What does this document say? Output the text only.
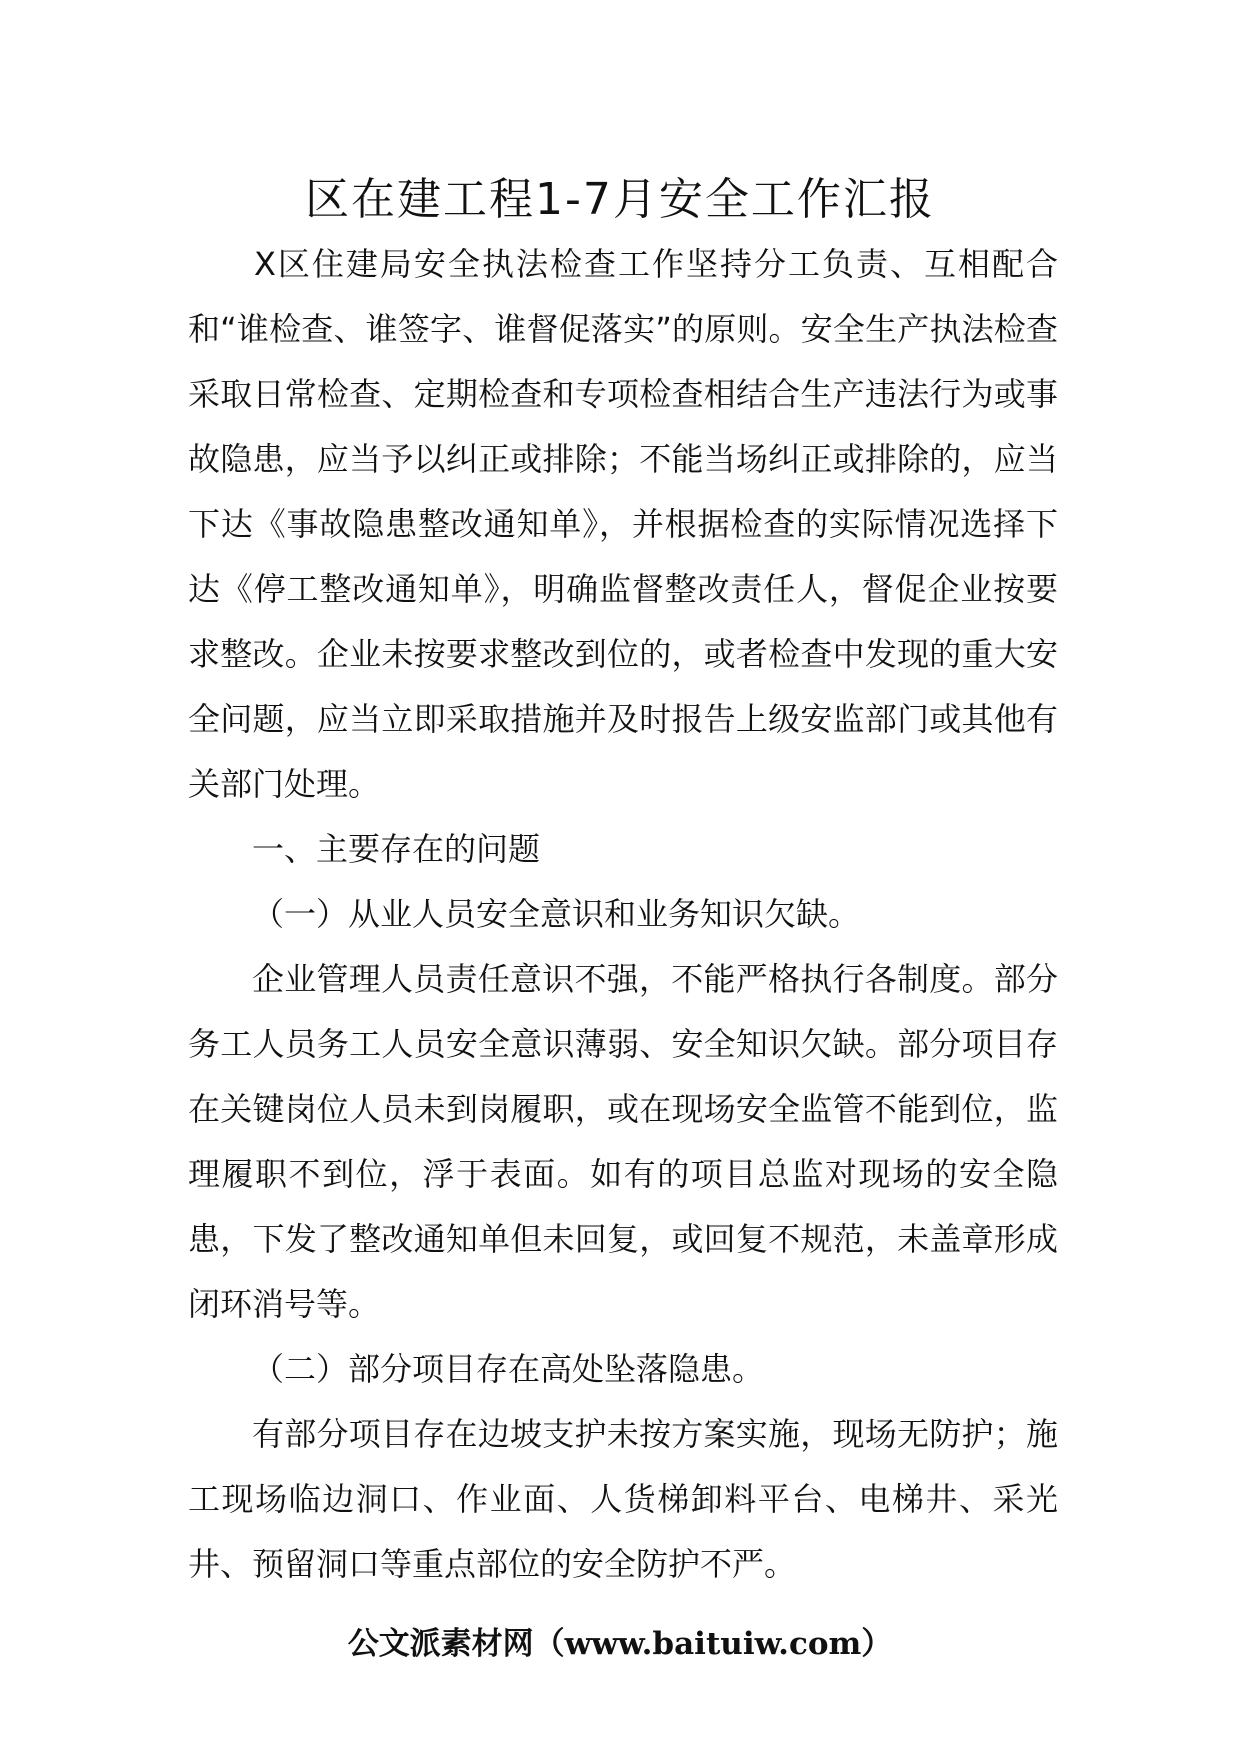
区在建工程1-7月安全工作汇报

X区住建局安全执法检查工作坚持分工负责、互相配合和“谁检查、谁签字、谁督促落实”的原则。安全生产执法检查采取日常检查、定期检查和专项检查相结合生产违法行为或事故隐患，应当予以纠正或排除；不能当场纠正或排除的，应当下达《事故隐患整改通知单》，并根据检查的实际情况选择下达《停工整改通知单》，明确监督整改责任人，督促企业按要求整改。企业未按要求整改到位的，或者检查中发现的重大安全问题，应当立即采取措施并及时报告上级安监部门或其他有关部门处理。

一、主要存在的问题

（一）从业人员安全意识和业务知识欠缺。

企业管理人员责任意识不强，不能严格执行各制度。部分务工人员务工人员安全意识薄弱、安全知识欠缺。部分项目存在关键岗位人员未到岗履职，或在现场安全监管不能到位，监理履职不到位，浮于表面。如有的项目总监对现场的安全隐患，下发了整改通知单但未回复，或回复不规范，未盖章形成闭环消号等。

（二）部分项目存在高处坠落隐患。

有部分项目存在边坡支护未按方案实施，现场无防护；施工现场临边洞口、作业面、人货梯卸料平台、电梯井、采光井、预留洞口等重点部位的安全防护不严。

公文派素材网（www.baituiw.com）
